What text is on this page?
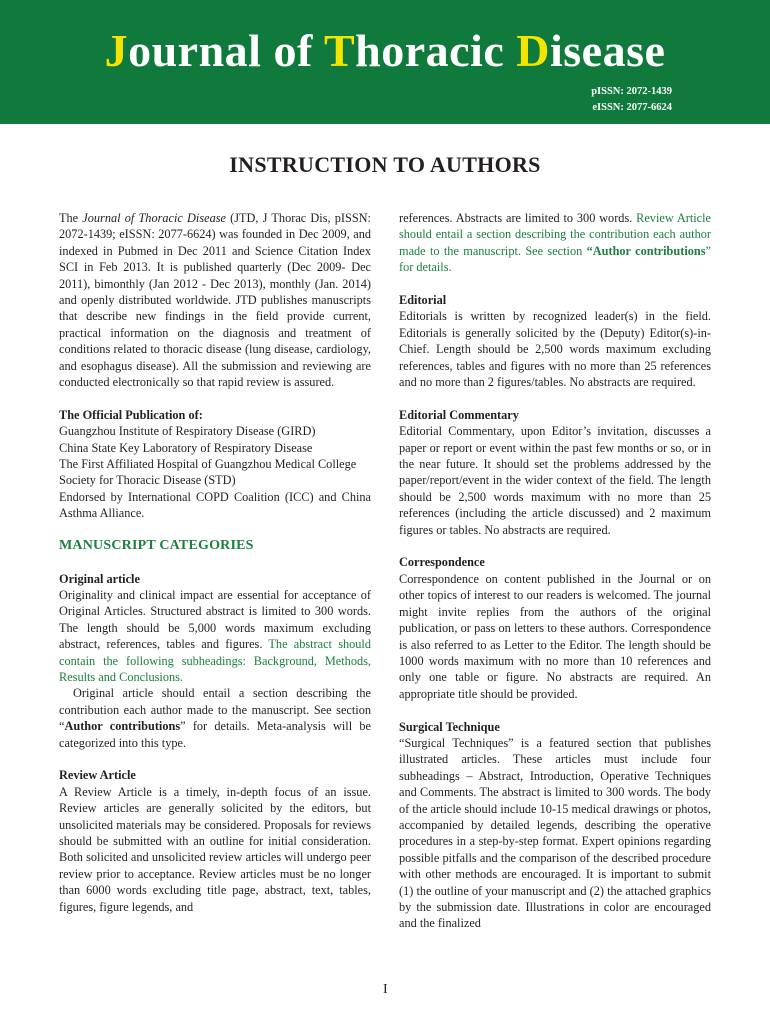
Journal of Thoracic Disease
pISSN: 2072-1439
eISSN: 2077-6624
INSTRUCTION TO AUTHORS

The Journal of Thoracic Disease (JTD, J Thorac Dis, pISSN: 2072-1439; eISSN: 2077-6624) was founded in Dec 2009, and indexed in Pubmed in Dec 2011 and Science Citation Index SCI in Feb 2013. It is published quarterly (Dec 2009- Dec 2011), bimonthly (Jan 2012 - Dec 2013), monthly (Jan. 2014) and openly distributed worldwide. JTD publishes manuscripts that describe new findings in the field provide current, practical information on the diagnosis and treatment of conditions related to thoracic disease (lung disease, cardiology, and esophagus disease). All the submission and reviewing are conducted electronically so that rapid review is assured.

The Official Publication of:

Guangzhou Institute of Respiratory Disease (GIRD)

China State Key Laboratory of Respiratory Disease

The First Affiliated Hospital of Guangzhou Medical College

Society for Thoracic Disease (STD)

Endorsed by International COPD Coalition (ICC) and China Asthma Alliance.

MANUSCRIPT CATEGORIES

Original article

Originality and clinical impact are essential for acceptance of Original Articles. Structured abstract is limited to 300 words. The length should be 5,000 words maximum excluding abstract, references, tables and figures. The abstract should contain the following subheadings: Background, Methods, Results and Conclusions.

Original article should entail a section describing the contribution each author made to the manuscript. See section “Author contributions” for details. Meta-analysis will be categorized into this type.

Review Article

A Review Article is a timely, in-depth focus of an issue. Review articles are generally solicited by the editors, but unsolicited materials may be considered. Proposals for reviews should be submitted with an outline for initial consideration. Both solicited and unsolicited review articles will undergo peer review prior to acceptance. Review articles must be no longer than 6000 words excluding title page, abstract, text, tables, figures, figure legends, and

references. Abstracts are limited to 300 words. Review Article should entail a section describing the contribution each author made to the manuscript. See section “Author contributions” for details.

Editorial

Editorials is written by recognized leader(s) in the field. Editorials is generally solicited by the (Deputy) Editor(s)-in-Chief. Length should be 2,500 words maximum excluding references, tables and figures with no more than 25 references and no more than 2 figures/tables. No abstracts are required.

Editorial Commentary

Editorial Commentary, upon Editor’s invitation, discusses a paper or report or event within the past few months or so, or in the near future. It should set the problems addressed by the paper/report/event in the wider context of the field. The length should be 2,500 words maximum with no more than 25 references (including the article discussed) and 2 maximum figures or tables. No abstracts are required.

Correspondence

Correspondence on content published in the Journal or on other topics of interest to our readers is welcomed. The journal might invite replies from the authors of the original publication, or pass on letters to these authors. Correspondence is also referred to as Letter to the Editor. The length should be 1000 words maximum with no more than 10 references and only one table or figure. No abstracts are required. An appropriate title should be provided.

Surgical Technique

“Surgical Techniques” is a featured section that publishes illustrated articles. These articles must include four subheadings – Abstract, Introduction, Operative Techniques and Comments. The abstract is limited to 300 words. The body of the article should include 10-15 medical drawings or photos, accompanied by detailed legends, describing the operative procedures in a step-by-step format. Expert opinions regarding possible pitfalls and the comparison of the described procedure with other methods are encouraged. It is important to submit (1) the outline of your manuscript and (2) the attached graphics by the submission date. Illustrations in color are encouraged and the finalized

I
